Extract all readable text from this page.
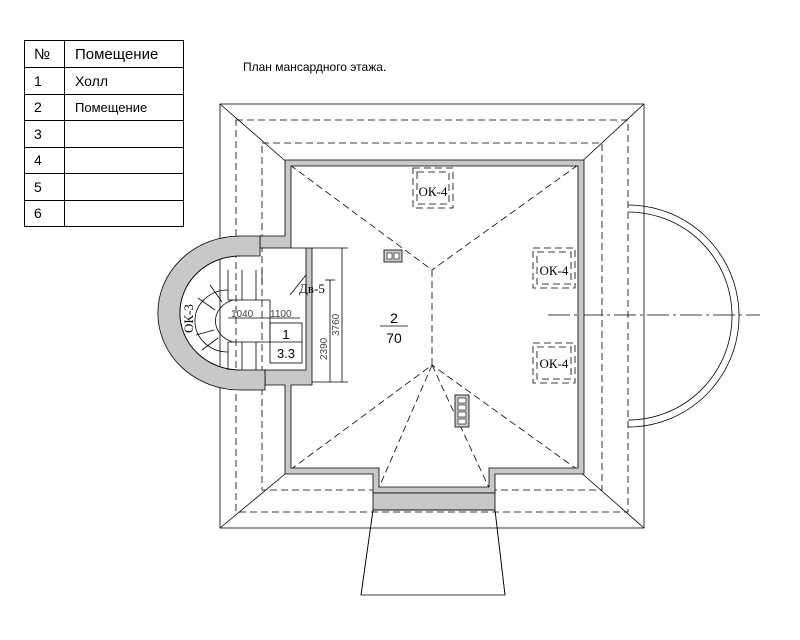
№	Помещение
1	Холл
2	Помещение
3	
4	
5	
6	
План мансардного этажа.
Дв-5
1040 1100
2390
3760
1
3.3
2
70
ОК-4
ОК-4
ОК-4
ОК-3
